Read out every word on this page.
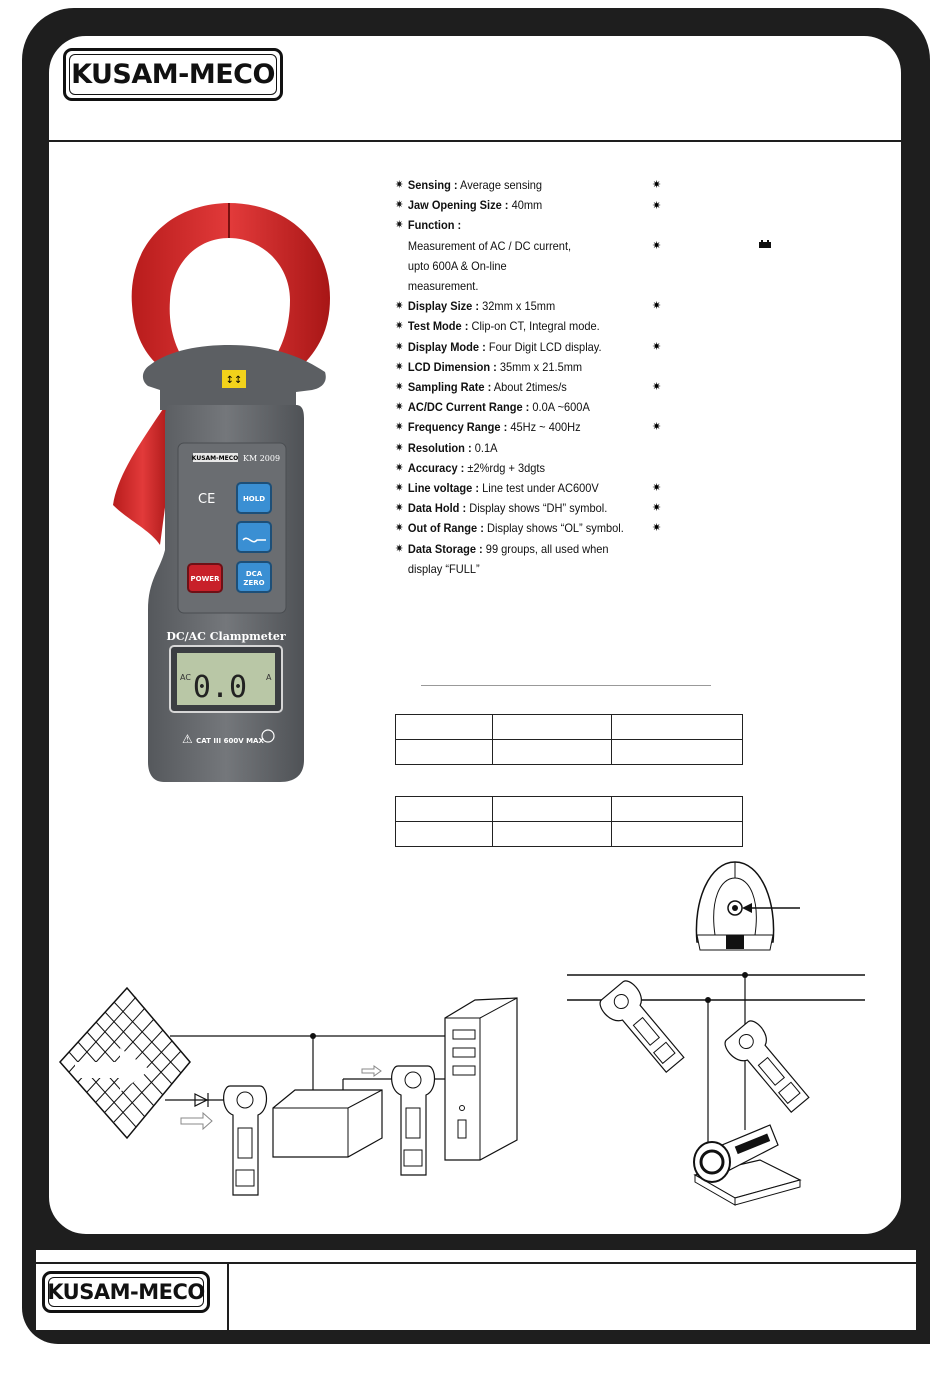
KUSAM-MECO
KUSAM-MECO
↕↕
KUSAM-MECO KM 2009
CE	HOLD
DCA
ZERO
POWER
DC/AC Clampmeter
AC	A
0.0
⚠ CAT III 600V MAX
✷ Sensing : Average sensing
✷ Jaw Opening Size : 40mm
✷ Function :
Measurement of AC / DC current,
upto 600A & On-line
measurement.
✷ Display Size : 32mm x 15mm
✷ Test Mode : Clip-on CT, Integral mode.
✷ Display Mode : Four Digit LCD display.
✷ LCD Dimension : 35mm x 21.5mm
✷ Sampling Rate : About 2times/s
✷ AC/DC Current Range : 0.0A ~600A
✷ Frequency Range : 45Hz ~ 400Hz
✷ Resolution : 0.1A
✷ Accuracy : ±2%rdg + 3dgts
✷ Line voltage : Line test under AC600V
✷ Data Hold : Display shows “DH” symbol.
✷ Out of Range : Display shows “OL” symbol.
✷ Data Storage : 99 groups, all used when
display “FULL”
✷
✷
✷
✷
✷
✷
✷
✷
✷
✷
